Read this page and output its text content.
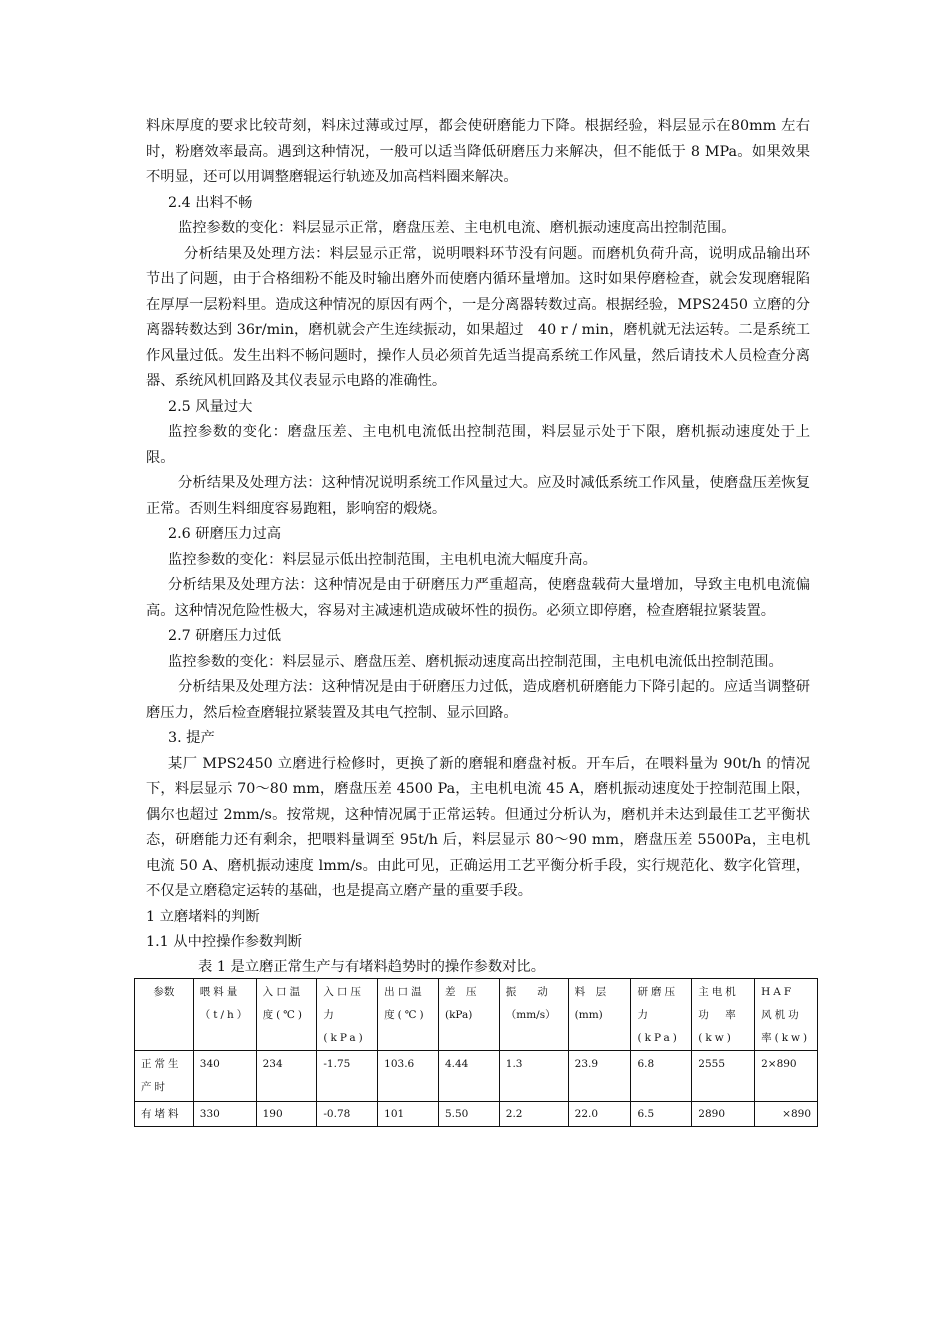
料床厚度的要求比较苛刻，料床过薄或过厚，都会使研磨能力下降。根据经验，料层显示在80mm 左右时，粉磨效率最高。遇到这种情况，一般可以适当降低研磨压力来解决，但不能低于 8 MPa。如果效果不明显，还可以用调整磨辊运行轨迹及加高档料圈来解决。

2.4 出料不畅

监控参数的变化：料层显示正常，磨盘压差、主电机电流、磨机振动速度高出控制范围。

分析结果及处理方法：料层显示正常，说明喂料环节没有问题。而磨机负荷升高，说明成品输出环节出了问题，由于合格细粉不能及时输出磨外而使磨内循环量增加。这时如果停磨检查，就会发现磨辊陷在厚厚一层粉料里。造成这种情况的原因有两个，一是分离器转数过高。根据经验，MPS2450 立磨的分离器转数达到 36r/min，磨机就会产生连续振动，如果超过　40 r / min，磨机就无法运转。二是系统工作风量过低。发生出料不畅问题时，操作人员必须首先适当提高系统工作风量，然后请技术人员检查分离器、系统风机回路及其仪表显示电路的准确性。

2.5 风量过大

监控参数的变化：磨盘压差、主电机电流低出控制范围，料层显示处于下限，磨机振动速度处于上限。

分析结果及处理方法：这种情况说明系统工作风量过大。应及时减低系统工作风量，使磨盘压差恢复正常。否则生料细度容易跑粗，影响窑的煅烧。

2.6 研磨压力过高

监控参数的变化：料层显示低出控制范围，主电机电流大幅度升高。

分析结果及处理方法：这种情况是由于研磨压力严重超高，使磨盘载荷大量增加，导致主电机电流偏高。这种情况危险性极大，容易对主减速机造成破坏性的损伤。必须立即停磨，检查磨辊拉紧装置。

2.7 研磨压力过低

监控参数的变化：料层显示、磨盘压差、磨机振动速度高出控制范围，主电机电流低出控制范围。

分析结果及处理方法：这种情况是由于研磨压力过低，造成磨机研磨能力下降引起的。应适当调整研磨压力，然后检查磨辊拉紧装置及其电气控制、显示回路。

3. 提产

某厂 MPS2450 立磨进行检修时，更换了新的磨辊和磨盘衬板。开车后，在喂料量为 90t/h 的情况下，料层显示 70～80 mm，磨盘压差 4500 Pa，主电机电流 45 A，磨机振动速度处于控制范围上限，偶尔也超过 2mm/s。按常规，这种情况属于正常运转。但通过分析认为，磨机并未达到最佳工艺平衡状态，研磨能力还有剩余，把喂料量调至 95t/h 后，料层显示 80～90 mm，磨盘压差 5500Pa，主电机电流 50 A、磨机振动速度 lmm/s。由此可见，正确运用工艺平衡分析手段，实行规范化、数字化管理，不仅是立磨稳定运转的基础，也是提高立磨产量的重要手段。

1 立磨堵料的判断

1.1 从中控操作参数判断

表 1 是立磨正常生产与有堵料趋势时的操作参数对比。

参数	喂料量（t/h）	入口温度(℃)	入口压力(kPa)	出口温度(℃)	差　压(kPa)	振　　动（mm/s）	料　层(mm)	研磨压力(kPa)	主电机功　率(kw)	HAF 风机功率(kw)
正常生产时	340	234	-1.75	103.6	4.44	1.3	23.9	6.8	2555	2×890
有堵料	330	190	-0.78	101	5.50	2.2	22.0	6.5	2890	×890
